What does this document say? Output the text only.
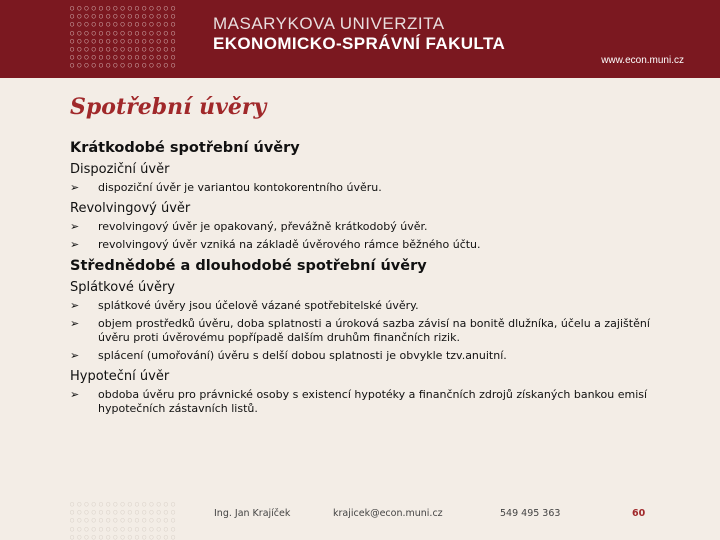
○○○○○○○○○○○○○○○
○○○○○○○○○○○○○○○
○○○○○○○○○○○○○○○
○○○○○○○○○○○○○○○
○○○○○○○○○○○○○○○
○○○○○○○○○○○○○○○
○○○○○○○○○○○○○○○
○○○○○○○○○○○○○○○
MASARYKOVA UNIVERZITA
EKONOMICKO-SPRÁVNÍ FAKULTA
www.econ.muni.cz
Spotřební úvěry
Krátkodobé spotřební úvěry
Dispoziční úvěr
➢ dispoziční úvěr je variantou kontokorentního úvěru.
Revolvingový úvěr
➢ revolvingový úvěr je opakovaný, převážně krátkodobý úvěr.
➢ revolvingový úvěr vzniká na základě úvěrového rámce běžného účtu.
Střednědobé a dlouhodobé spotřební úvěry
Splátkové úvěry
➢ splátkové úvěry jsou účelově vázané spotřebitelské úvěry.
➢ objem prostředků úvěru, doba splatnosti a úroková sazba závisí na bonitě dlužníka, účelu a zajištění úvěru proti úvěrovému popřípadě dalším druhům finančních rizik.
➢ splácení (umořování) úvěru s delší dobou splatnosti je obvykle tzv.anuitní.
Hypoteční úvěr
➢ obdoba úvěru pro právnické osoby s existencí hypotéky a finančních zdrojů získaných bankou emisí hypotečních zástavních listů.
○○○○○○○○○○○○○○○
○○○○○○○○○○○○○○○
○○○○○○○○○○○○○○○
○○○○○○○○○○○○○○○
○○○○○○○○○○○○○○○
Ing. Jan Krajíček	krajicek@econ.muni.cz	549 495 363	60
